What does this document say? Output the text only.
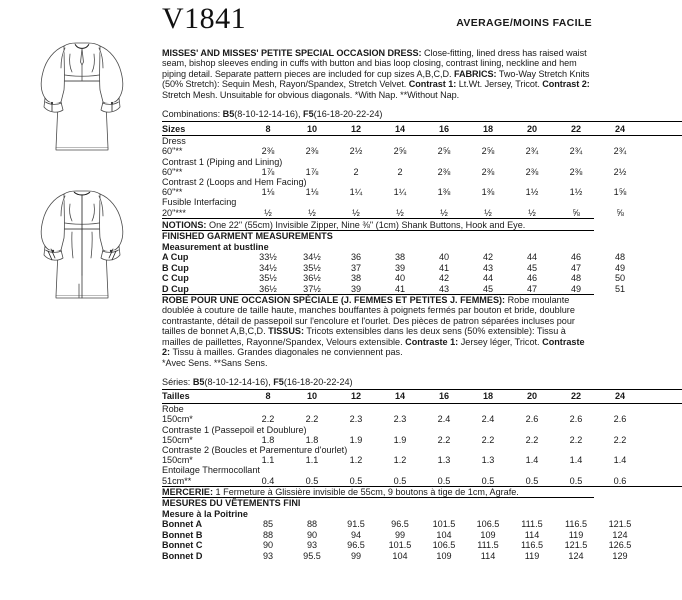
V1841	AVERAGE/MOINS FACILE
MISSES' AND MISSES' PETITE SPECIAL OCCASION DRESS: Close-fitting, lined dress has raised waist seam, bishop sleeves ending in cuffs with button and bias loop closing, contrast lining, neckline and hem piping detail. Separate pattern pieces are included for cup sizes A,B,C,D. FABRICS: Two-Way Stretch Knits (50% Stretch): Sequin Mesh, Rayon/Spandex, Stretch Velvet. Contrast 1: Lt.Wt. Jersey, Tricot. Contrast 2: Stretch Mesh. Unsuitable for obvious diagonals. *With Nap. **Without Nap.
Combinations: B5(8-10-12-14-16), F5(16-18-20-22-24)
Sizes	8	10	12	14	16	18	20	22	24	
Dress										
60"**	2⅜	2⅜	2½	2⅝	2⅝	2⅝	2¾	2¾	2¾	
Contrast 1 (Piping and Lining)										
60"**	1⅞	1⅞	2	2	2⅜	2⅜	2⅜	2⅜	2½	
Contrast 2 (Loops and Hem Facing)										
60"**	1⅛	1⅛	1¼	1¼	1⅜	1⅜	1½	1½	1⅝	
Fusible Interfacing										
20"***	½	½	½	½	½	½	½	⅝	⅝	
NOTIONS: One 22" (55cm) Invisible Zipper, Nine ⅜" (1cm) Shank Buttons, Hook and Eye.
FINISHED GARMENT MEASUREMENTS
Measurement at bustline
A Cup	33½	34½	36	38	40	42	44	46	48	
B Cup	34½	35½	37	39	41	43	45	47	49	
C Cup	35½	36½	38	40	42	44	46	48	50	
D Cup	36½	37½	39	41	43	45	47	49	51	
ROBE POUR UNE OCCASION SPÉCIALE (J. FEMMES ET PETITES J. FEMMES): Robe moulante doublée à couture de taille haute, manches bouffantes à poignets fermés par bouton et bride, doublure contrastante, détail de passepoil sur l'encolure et l'ourlet. Des pièces de patron séparées incluses pour tailles de bonnet A,B,C,D. TISSUS: Tricots extensibles dans les deux sens (50% extensible): Tissu à mailles de paillettes, Rayonne/Spandex, Velours extensible. Contraste 1: Jersey léger, Tricot. Contraste 2: Tissu à mailles. Grandes diagonales ne conviennent pas.
*Avec Sens. **Sans Sens.
Séries: B5(8-10-12-14-16), F5(16-18-20-22-24)
Tailles	8	10	12	14	16	18	20	22	24	
Robe										
150cm*	2.2	2.2	2.3	2.3	2.4	2.4	2.6	2.6	2.6	
Contraste 1 (Passepoil et Doublure)										
150cm*	1.8	1.8	1.9	1.9	2.2	2.2	2.2	2.2	2.2	
Contraste 2 (Boucles et Parementure d'ourlet)										
150cm*	1.1	1.1	1.2	1.2	1.3	1.3	1.4	1.4	1.4	
Entoilage Thermocollant										
51cm**	0.4	0.5	0.5	0.5	0.5	0.5	0.5	0.5	0.6	
MERCERIE: 1 Fermeture à Glissière invisible de 55cm, 9 boutons à tige de 1cm, Agrafe.
MESURES DU VÊTEMENTS FINI
Mesure à la Poitrine
Bonnet A	85	88	91.5	96.5	101.5	106.5	111.5	116.5	121.5	
Bonnet B	88	90	94	99	104	109	114	119	124	
Bonnet C	90	93	96.5	101.5	106.5	111.5	116.5	121.5	126.5	
Bonnet D	93	95.5	99	104	109	114	119	124	129	
